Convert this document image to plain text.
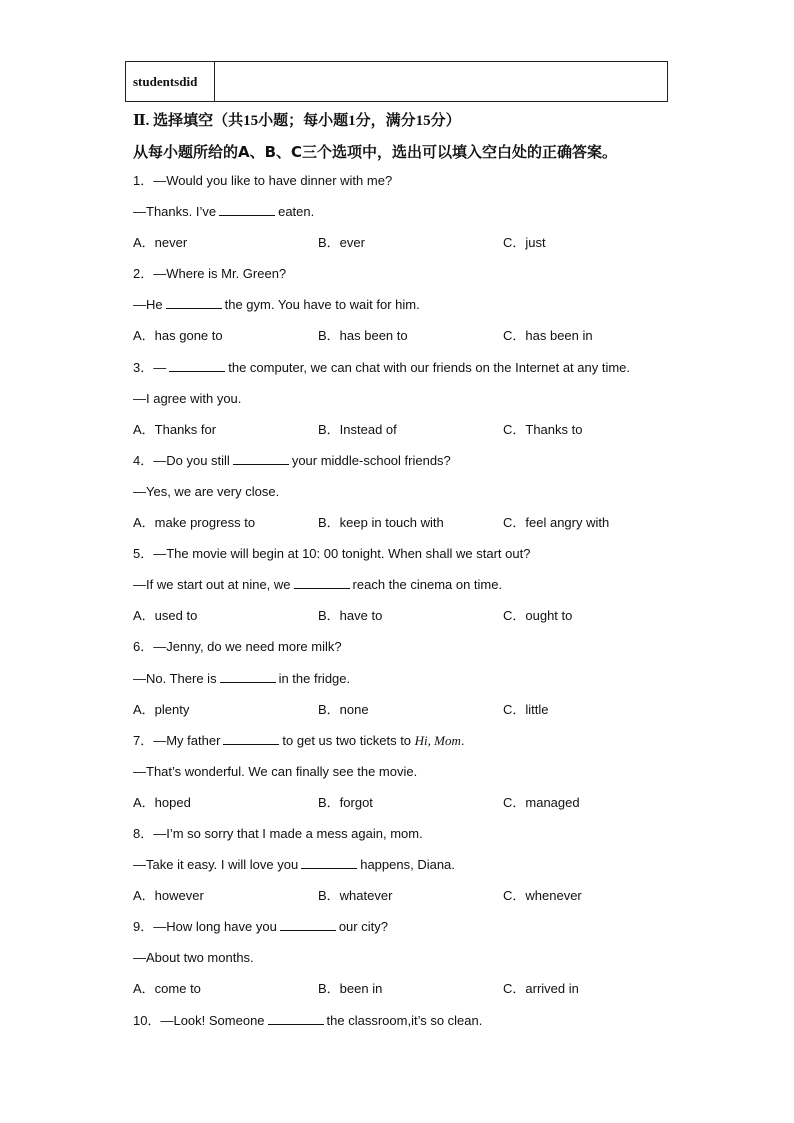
studentsdid
Ⅱ. 选择填空（共15小题；每小题1分，满分15分）
从每小题所给的A、B、C三个选项中，选出可以填入空白处的正确答案。
1．—Would you like to have dinner with me?
—Thanks. I’ve	eaten.
A．never	B．ever	C．just
2．—Where is Mr. Green?
—He	the gym. You have to wait for him.
A．has gone to	B．has been to	C．has been in
3．—	the computer, we can chat with our friends on the Internet at any time.
—I agree with you.
A．Thanks for	B．Instead of	C．Thanks to
4．—Do you still	your middle-school friends?
—Yes, we are very close.
A．make progress to	B．keep in touch with	C．feel angry with
5．—The movie will begin at 10: 00 tonight. When shall we start out?
—If we start out at nine, we	reach the cinema on time.
A．used to	B．have to	C．ought to
6．—Jenny, do we need more milk?
—No. There is	in the fridge.
A．plenty	B．none	C．little
7．—My father	to get us two tickets to Hi, Mom.
—That’s wonderful. We can finally see the movie.
A．hoped	B．forgot	C．managed
8．—I’m so sorry that I made a mess again, mom.
—Take it easy. I will love you	happens, Diana.
A．however	B．whatever	C．whenever
9．—How long have you	our city?
—About two months.
A．come to	B．been in	C．arrived in
10．—Look! Someone	the classroom,it’s so clean.
